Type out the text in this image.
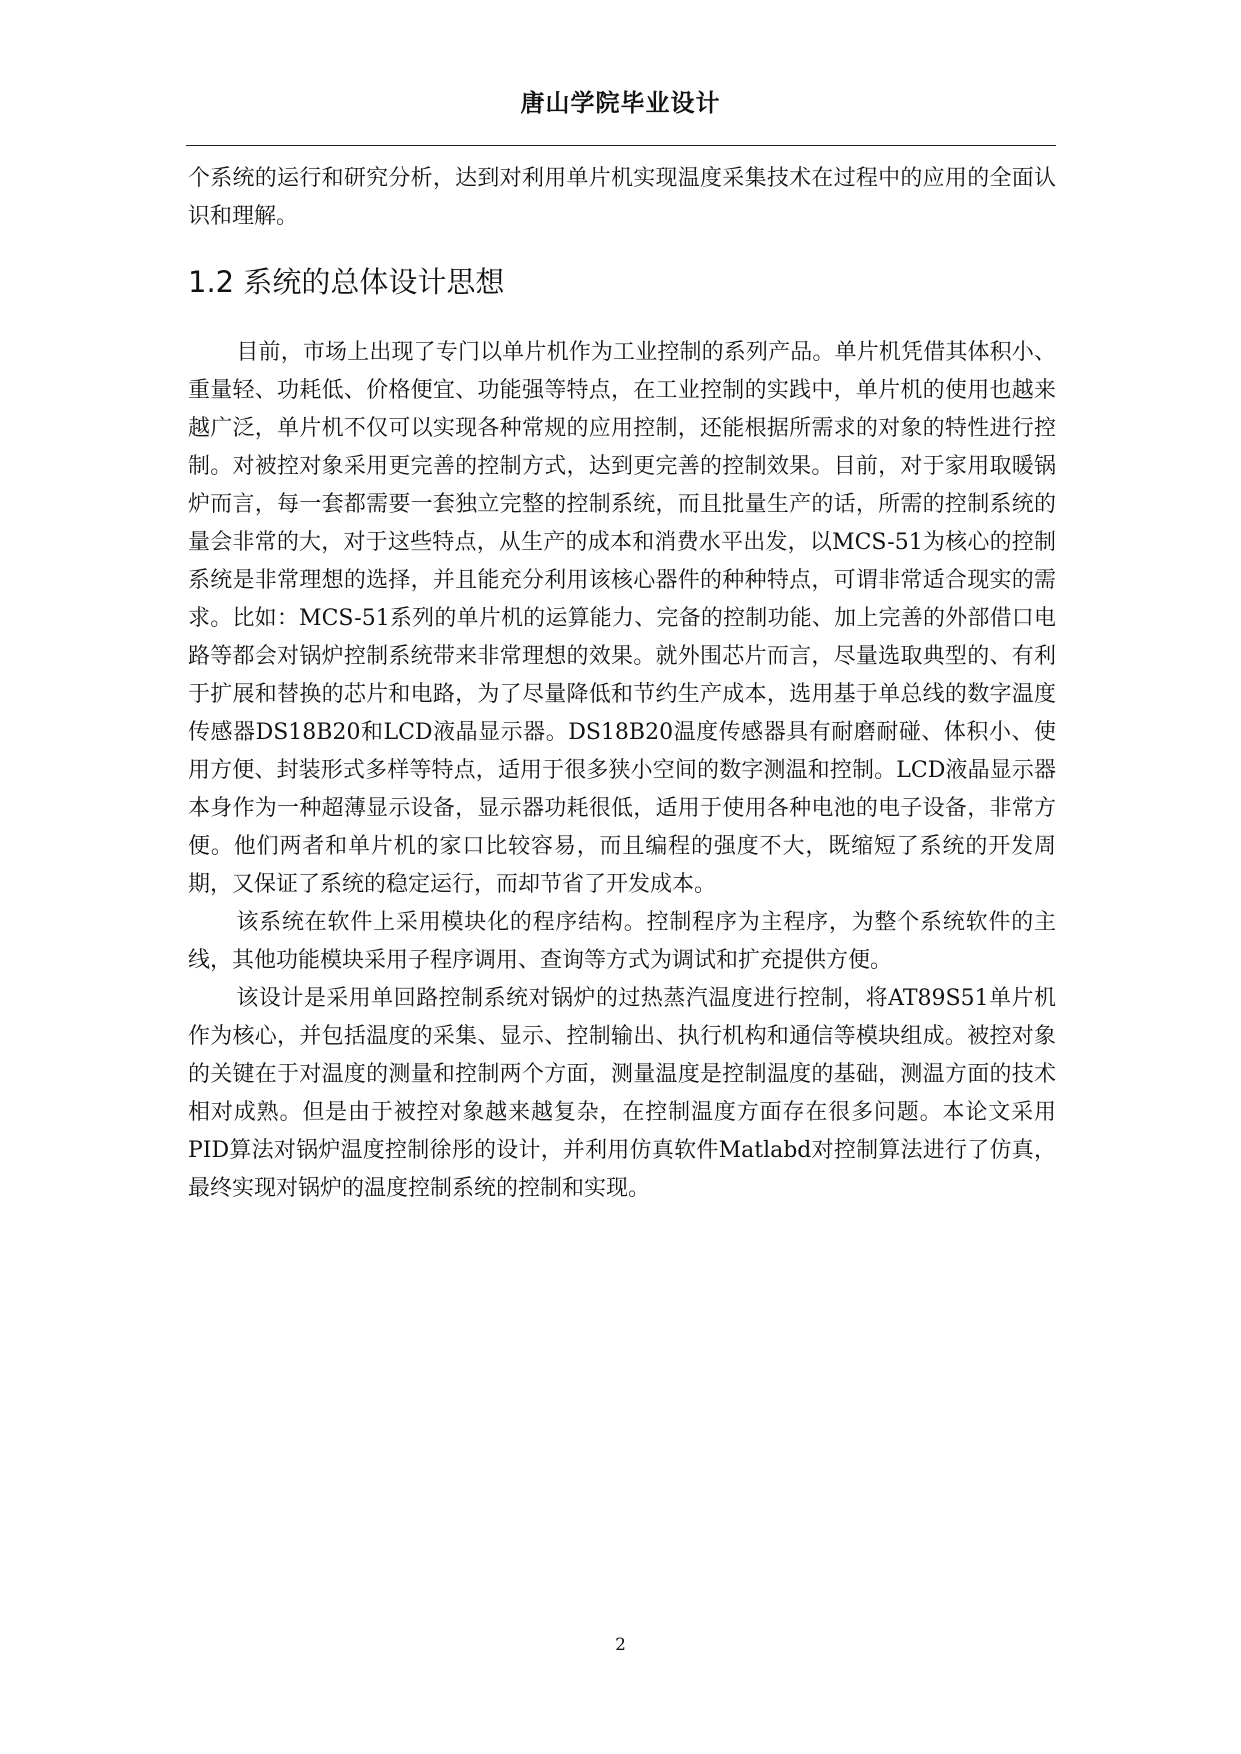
唐山学院毕业设计
个系统的运行和研究分析，达到对利用单片机实现温度采集技术在过程中的应用的全面认识和理解。
1.2 系统的总体设计思想

目前，市场上出现了专门以单片机作为工业控制的系列产品。单片机凭借其体积小、重量轻、功耗低、价格便宜、功能强等特点，在工业控制的实践中，单片机的使用也越来越广泛，单片机不仅可以实现各种常规的应用控制，还能根据所需求的对象的特性进行控制。对被控对象采用更完善的控制方式，达到更完善的控制效果。目前，对于家用取暖锅炉而言，每一套都需要一套独立完整的控制系统，而且批量生产的话，所需的控制系统的量会非常的大，对于这些特点，从生产的成本和消费水平出发，以MCS-51为核心的控制系统是非常理想的选择，并且能充分利用该核心器件的种种特点，可谓非常适合现实的需求。比如：MCS-51系列的单片机的运算能力、完备的控制功能、加上完善的外部借口电路等都会对锅炉控制系统带来非常理想的效果。就外围芯片而言，尽量选取典型的、有利于扩展和替换的芯片和电路，为了尽量降低和节约生产成本，选用基于单总线的数字温度传感器DS18B20和LCD液晶显示器。DS18B20温度传感器具有耐磨耐碰、体积小、使用方便、封装形式多样等特点，适用于很多狭小空间的数字测温和控制。LCD液晶显示器本身作为一种超薄显示设备，显示器功耗很低，适用于使用各种电池的电子设备，非常方便。他们两者和单片机的家口比较容易，而且编程的强度不大，既缩短了系统的开发周期，又保证了系统的稳定运行，而却节省了开发成本。

该系统在软件上采用模块化的程序结构。控制程序为主程序，为整个系统软件的主线，其他功能模块采用子程序调用、查询等方式为调试和扩充提供方便。

该设计是采用单回路控制系统对锅炉的过热蒸汽温度进行控制，将AT89S51单片机作为核心，并包括温度的采集、显示、控制输出、执行机构和通信等模块组成。被控对象的关键在于对温度的测量和控制两个方面，测量温度是控制温度的基础，测温方面的技术相对成熟。但是由于被控对象越来越复杂，在控制温度方面存在很多问题。本论文采用PID算法对锅炉温度控制徐彤的设计，并利用仿真软件Matlabd对控制算法进行了仿真，最终实现对锅炉的温度控制系统的控制和实现。

2
